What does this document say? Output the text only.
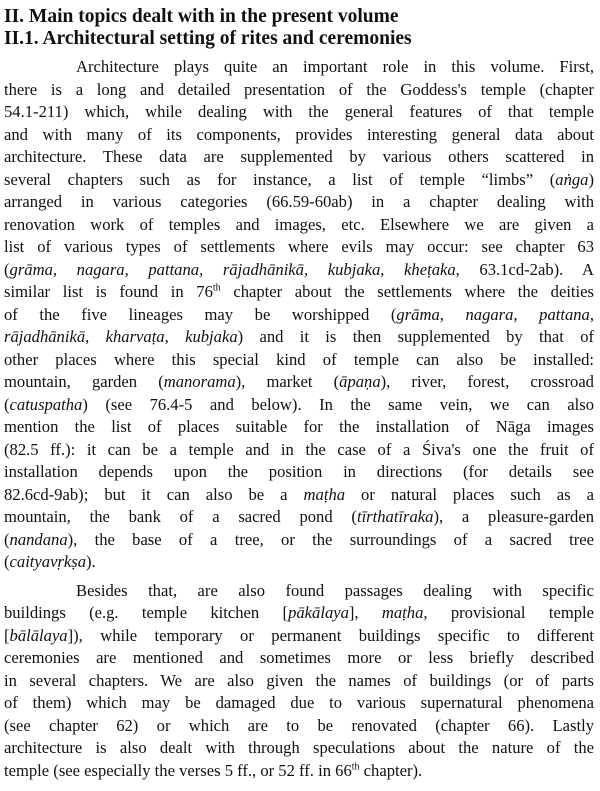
II. Main topics dealt with in the present volume
II.1. Architectural setting of rites and ceremonies
Architecture plays quite an important role in this volume. First,
there is a long and detailed presentation of the Goddess's temple (chapter
54.1-211) which, while dealing with the general features of that temple
and with many of its components, provides interesting general data about
architecture. These data are supplemented by various others scattered in
several chapters such as for instance, a list of temple “limbs” (aṅga)
arranged in various categories (66.59-60ab) in a chapter dealing with
renovation work of temples and images, etc. Elsewhere we are given a
list of various types of settlements where evils may occur: see chapter 63
(grāma, nagara, pattana, rājadhānikā, kubjaka, kheṭaka, 63.1cd-2ab). A
similar list is found in 76th chapter about the settlements where the deities
of the five lineages may be worshipped (grāma, nagara, pattana,
rājadhānikā, kharvaṭa, kubjaka) and it is then supplemented by that of
other places where this special kind of temple can also be installed:
mountain, garden (manorama), market (āpaṇa), river, forest, crossroad
(catuspatha) (see 76.4-5 and below). In the same vein, we can also
mention the list of places suitable for the installation of Nāga images
(82.5 ff.): it can be a temple and in the case of a Śiva's one the fruit of
installation depends upon the position in directions (for details see
82.6cd-9ab); but it can also be a maṭha or natural places such as a
mountain, the bank of a sacred pond (tīrthatīraka), a pleasure-garden
(nandana), the base of a tree, or the surroundings of a sacred tree
(caityavṛkṣa).
Besides that, are also found passages dealing with specific
buildings (e.g. temple kitchen [pākālaya], maṭha, provisional temple
[bālālaya]), while temporary or permanent buildings specific to different
ceremonies are mentioned and sometimes more or less briefly described
in several chapters. We are also given the names of buildings (or of parts
of them) which may be damaged due to various supernatural phenomena
(see chapter 62) or which are to be renovated (chapter 66). Lastly
architecture is also dealt with through speculations about the nature of the
temple (see especially the verses 5 ff., or 52 ff. in 66th chapter).
